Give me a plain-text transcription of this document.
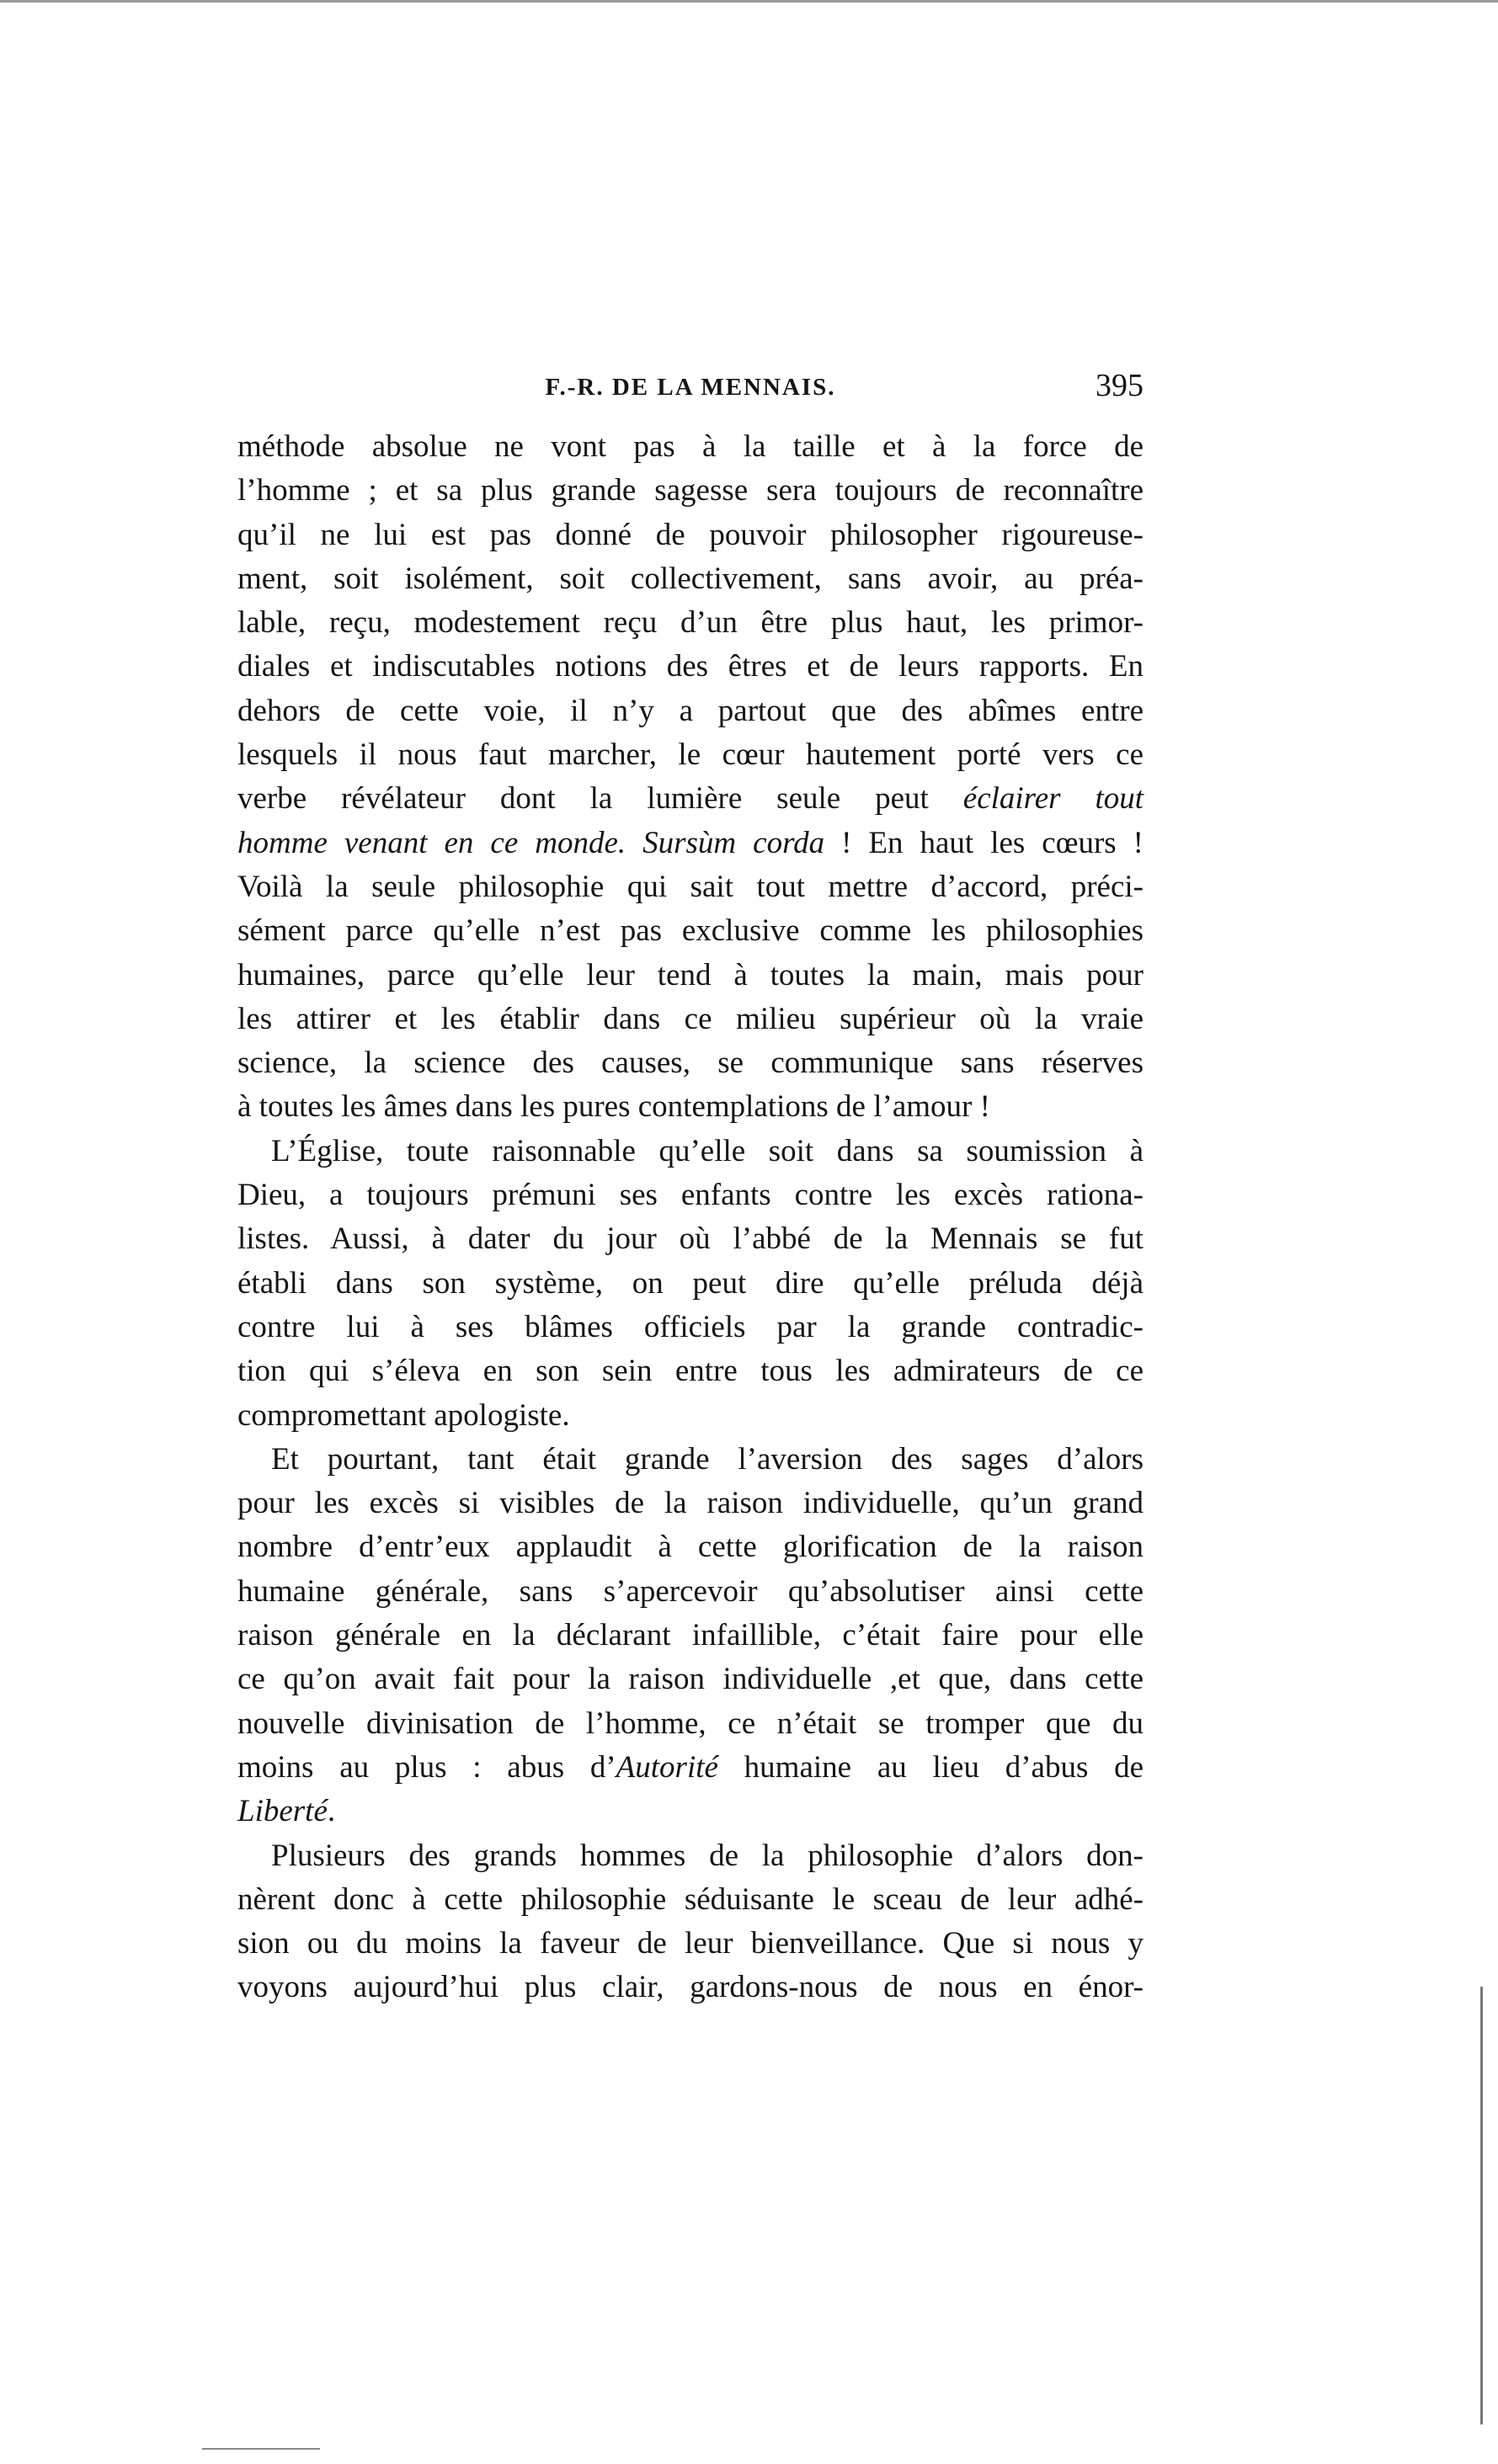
F.-R. DE LA MENNAIS.	395
méthode absolue ne vont pas à la taille et à la force de
l’homme ; et sa plus grande sagesse sera toujours de reconnaître
qu’il ne lui est pas donné de pouvoir philosopher rigoureuse-
ment, soit isolément, soit collectivement, sans avoir, au préa-
lable, reçu, modestement reçu d’un être plus haut, les primor-
diales et indiscutables notions des êtres et de leurs rapports. En
dehors de cette voie, il n’y a partout que des abîmes entre
lesquels il nous faut marcher, le cœur hautement porté vers ce
verbe révélateur dont la lumière seule peut éclairer tout
homme venant en ce monde. Sursùm corda ! En haut les cœurs !
Voilà la seule philosophie qui sait tout mettre d’accord, préci-
sément parce qu’elle n’est pas exclusive comme les philosophies
humaines, parce qu’elle leur tend à toutes la main, mais pour
les attirer et les établir dans ce milieu supérieur où la vraie
science, la science des causes, se communique sans réserves
à toutes les âmes dans les pures contemplations de l’amour !
L’Église, toute raisonnable qu’elle soit dans sa soumission à
Dieu, a toujours prémuni ses enfants contre les excès rationa-
listes. Aussi, à dater du jour où l’abbé de la Mennais se fut
établi dans son système, on peut dire qu’elle préluda déjà
contre lui à ses blâmes officiels par la grande contradic-
tion qui s’éleva en son sein entre tous les admirateurs de ce
compromettant apologiste.
Et pourtant, tant était grande l’aversion des sages d’alors
pour les excès si visibles de la raison individuelle, qu’un grand
nombre d’entr’eux applaudit à cette glorification de la raison
humaine générale, sans s’apercevoir qu’absolutiser ainsi cette
raison générale en la déclarant infaillible, c’était faire pour elle
ce qu’on avait fait pour la raison individuelle ,et que, dans cette
nouvelle divinisation de l’homme, ce n’était se tromper que du
moins au plus : abus d’Autorité humaine au lieu d’abus de
Liberté.
Plusieurs des grands hommes de la philosophie d’alors don-
nèrent donc à cette philosophie séduisante le sceau de leur adhé-
sion ou du moins la faveur de leur bienveillance. Que si nous y
voyons aujourd’hui plus clair, gardons-nous de nous en énor-
